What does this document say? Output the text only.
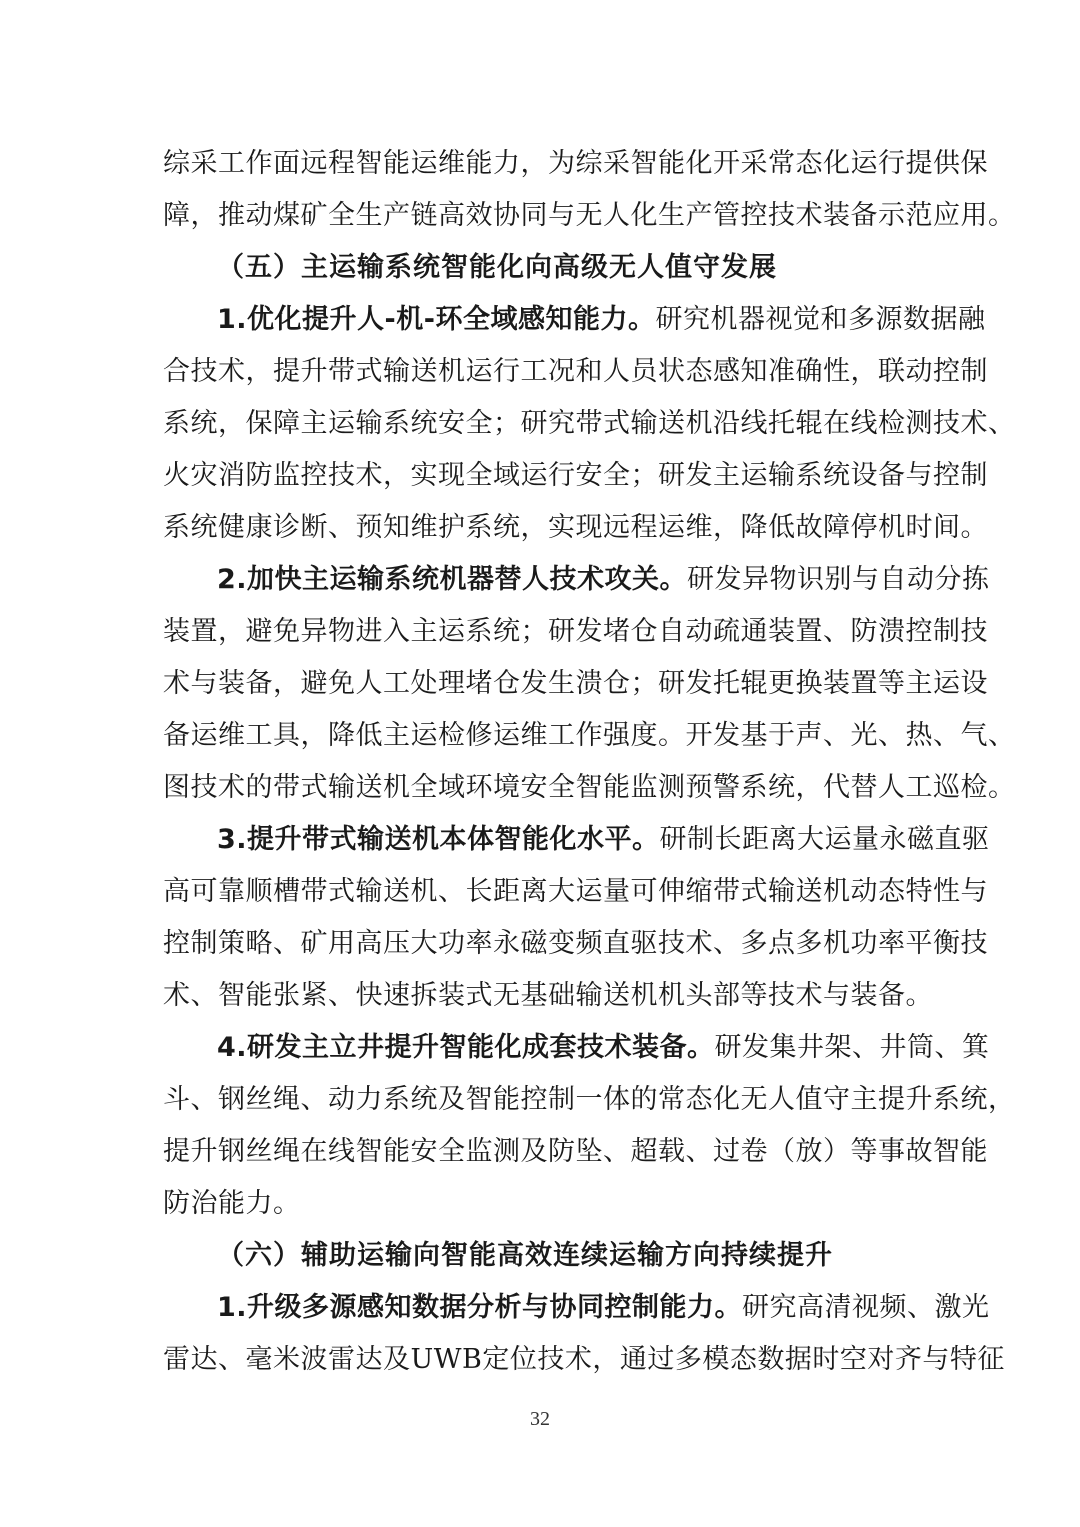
综采工作面远程智能运维能力，为综采智能化开采常态化运行提供保
障，推动煤矿全生产链高效协同与无人化生产管控技术装备示范应用。
（五）主运输系统智能化向高级无人值守发展
1.优化提升人-机-环全域感知能力。研究机器视觉和多源数据融
合技术，提升带式输送机运行工况和人员状态感知准确性，联动控制
系统，保障主运输系统安全；研究带式输送机沿线托辊在线检测技术、
火灾消防监控技术，实现全域运行安全；研发主运输系统设备与控制
系统健康诊断、预知维护系统，实现远程运维，降低故障停机时间。
2.加快主运输系统机器替人技术攻关。研发异物识别与自动分拣
装置，避免异物进入主运系统；研发堵仓自动疏通装置、防溃控制技
术与装备，避免人工处理堵仓发生溃仓；研发托辊更换装置等主运设
备运维工具，降低主运检修运维工作强度。开发基于声、光、热、气、
图技术的带式输送机全域环境安全智能监测预警系统，代替人工巡检。
3.提升带式输送机本体智能化水平。研制长距离大运量永磁直驱
高可靠顺槽带式输送机、长距离大运量可伸缩带式输送机动态特性与
控制策略、矿用高压大功率永磁变频直驱技术、多点多机功率平衡技
术、智能张紧、快速拆装式无基础输送机机头部等技术与装备。
4.研发主立井提升智能化成套技术装备。研发集井架、井筒、箕
斗、钢丝绳、动力系统及智能控制一体的常态化无人值守主提升系统，
提升钢丝绳在线智能安全监测及防坠、超载、过卷（放）等事故智能
防治能力。
（六）辅助运输向智能高效连续运输方向持续提升
1.升级多源感知数据分析与协同控制能力。研究高清视频、激光
雷达、毫米波雷达及UWB定位技术，通过多模态数据时空对齐与特征
32
